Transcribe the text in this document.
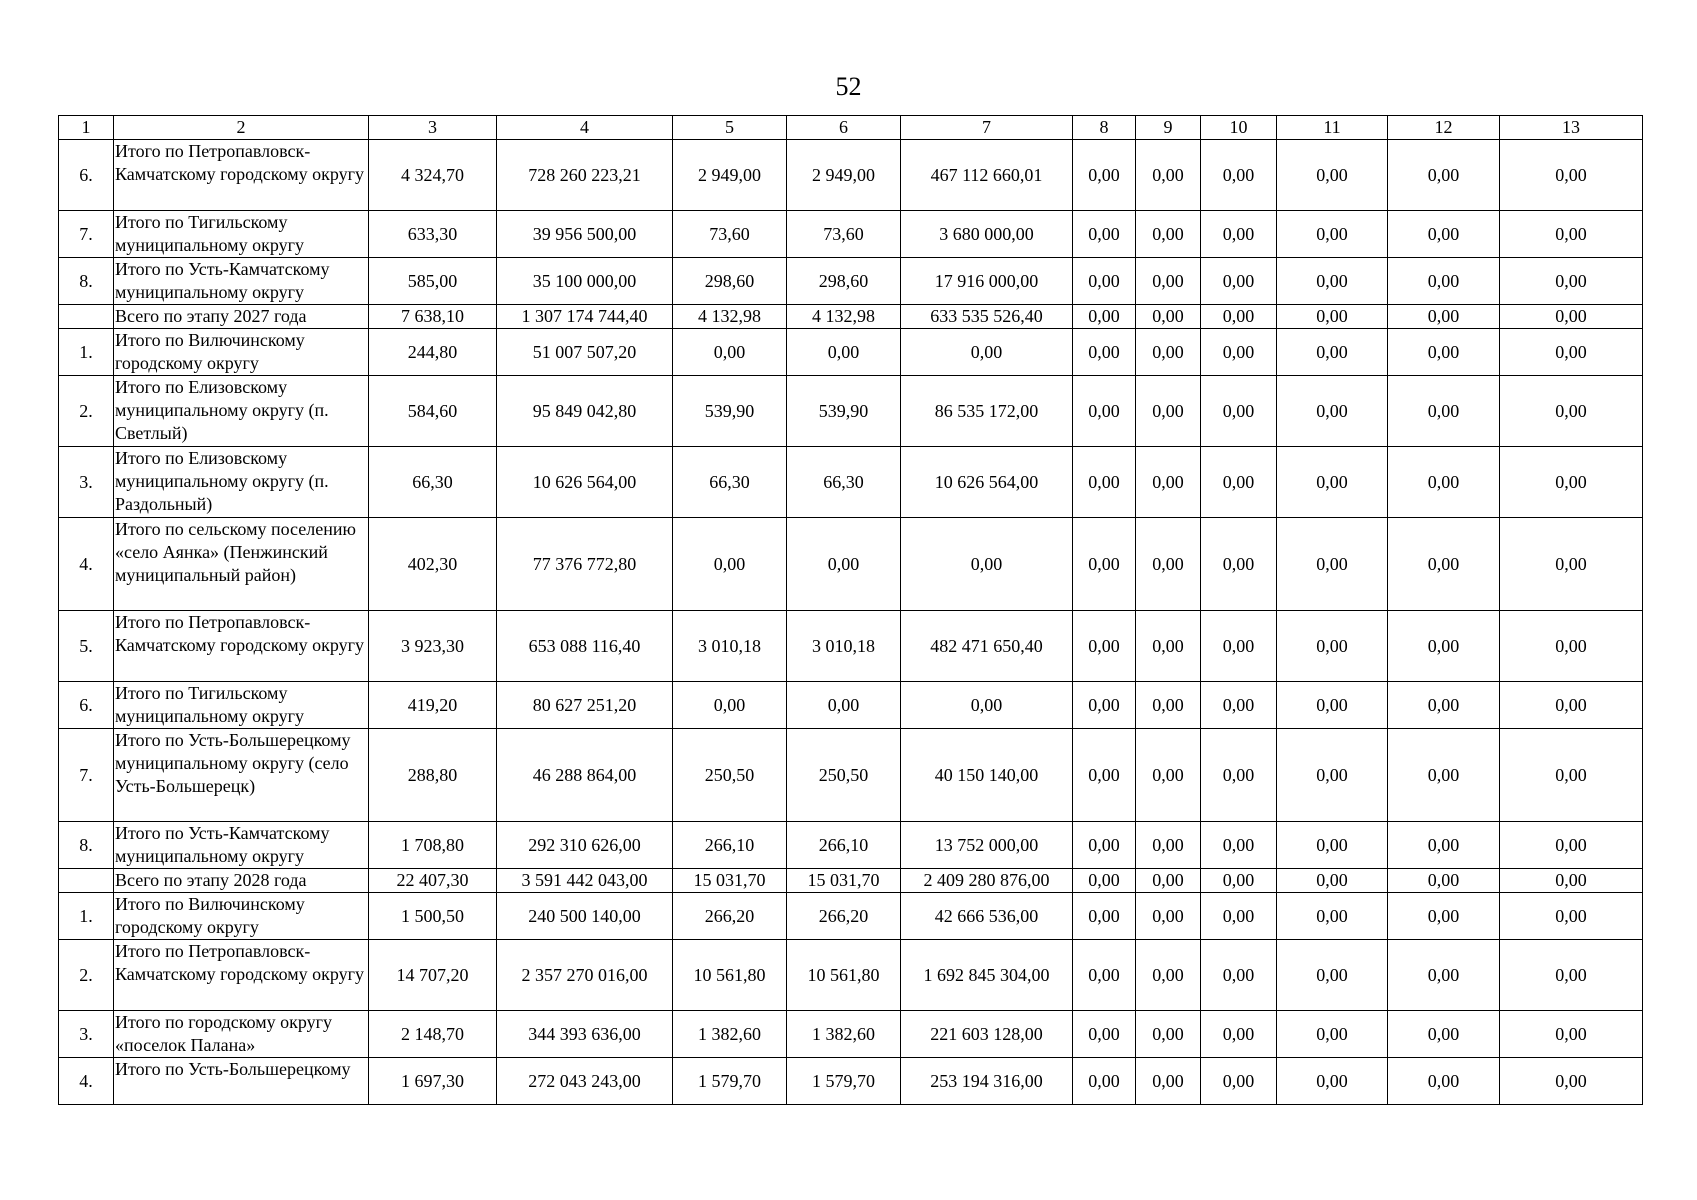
52
1	2	3	4	5	6	7	8	9	10	11	12	13
6.	Итого по Петропавловск-Камчатскому городскому округу	4 324,70	728 260 223,21	2 949,00	2 949,00	467 112 660,01	0,00	0,00	0,00	0,00	0,00	0,00
7.	Итого по Тигильскому муниципальному округу	633,30	39 956 500,00	73,60	73,60	3 680 000,00	0,00	0,00	0,00	0,00	0,00	0,00
8.	Итого по Усть-Камчатскому муниципальному округу	585,00	35 100 000,00	298,60	298,60	17 916 000,00	0,00	0,00	0,00	0,00	0,00	0,00
	Всего по этапу 2027 года	7 638,10	1 307 174 744,40	4 132,98	4 132,98	633 535 526,40	0,00	0,00	0,00	0,00	0,00	0,00
1.	Итого по Вилючинскому городскому округу	244,80	51 007 507,20	0,00	0,00	0,00	0,00	0,00	0,00	0,00	0,00	0,00
2.	Итого по Елизовскому муниципальному округу (п. Светлый)	584,60	95 849 042,80	539,90	539,90	86 535 172,00	0,00	0,00	0,00	0,00	0,00	0,00
3.	Итого по Елизовскому муниципальному округу (п. Раздольный)	66,30	10 626 564,00	66,30	66,30	10 626 564,00	0,00	0,00	0,00	0,00	0,00	0,00
4.	Итого по сельскому поселению «село Аянка» (Пенжинский муниципальный район)	402,30	77 376 772,80	0,00	0,00	0,00	0,00	0,00	0,00	0,00	0,00	0,00
5.	Итого по Петропавловск-Камчатскому городскому округу	3 923,30	653 088 116,40	3 010,18	3 010,18	482 471 650,40	0,00	0,00	0,00	0,00	0,00	0,00
6.	Итого по Тигильскому муниципальному округу	419,20	80 627 251,20	0,00	0,00	0,00	0,00	0,00	0,00	0,00	0,00	0,00
7.	Итого по Усть-Большерецкому муниципальному округу (село Усть-Большерецк)	288,80	46 288 864,00	250,50	250,50	40 150 140,00	0,00	0,00	0,00	0,00	0,00	0,00
8.	Итого по Усть-Камчатскому муниципальному округу	1 708,80	292 310 626,00	266,10	266,10	13 752 000,00	0,00	0,00	0,00	0,00	0,00	0,00
	Всего по этапу 2028 года	22 407,30	3 591 442 043,00	15 031,70	15 031,70	2 409 280 876,00	0,00	0,00	0,00	0,00	0,00	0,00
1.	Итого по Вилючинскому городскому округу	1 500,50	240 500 140,00	266,20	266,20	42 666 536,00	0,00	0,00	0,00	0,00	0,00	0,00
2.	Итого по Петропавловск-Камчатскому городскому округу	14 707,20	2 357 270 016,00	10 561,80	10 561,80	1 692 845 304,00	0,00	0,00	0,00	0,00	0,00	0,00
3.	Итого по городскому округу «поселок Палана»	2 148,70	344 393 636,00	1 382,60	1 382,60	221 603 128,00	0,00	0,00	0,00	0,00	0,00	0,00
4.	Итого по Усть-Большерецкому	1 697,30	272 043 243,00	1 579,70	1 579,70	253 194 316,00	0,00	0,00	0,00	0,00	0,00	0,00
